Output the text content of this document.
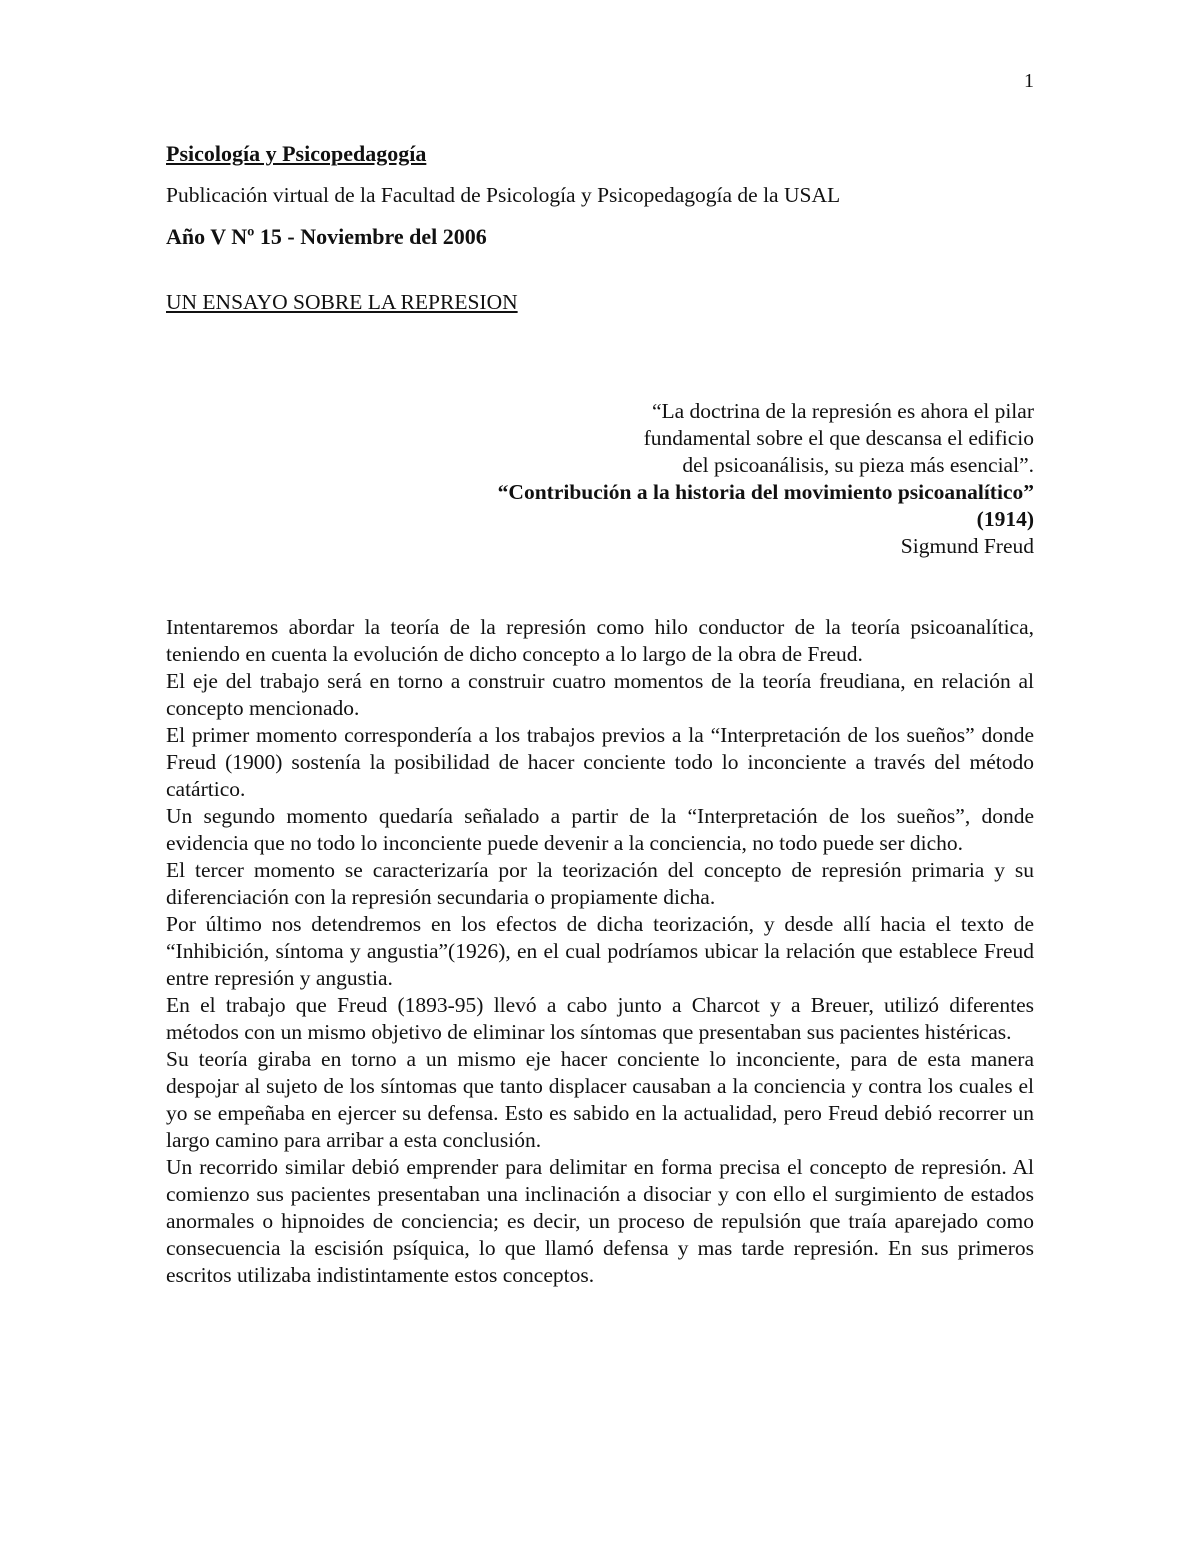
1
Psicología y Psicopedagogía
Publicación virtual de la Facultad de Psicología y Psicopedagogía de la USAL
Año V Nº 15 - Noviembre del 2006
UN ENSAYO SOBRE LA REPRESION
“La doctrina de la represión es ahora el pilar
fundamental sobre el que descansa el edificio
del psicoanálisis, su pieza más esencial”.
“Contribución a la historia del movimiento psicoanalítico”
(1914)
Sigmund Freud

Intentaremos abordar la teoría de la represión como hilo conductor de la teoría psicoanalítica, teniendo en cuenta la evolución de dicho concepto a lo largo de la obra de Freud.

El eje del trabajo será en torno a construir cuatro momentos de la teoría freudiana, en relación al concepto mencionado.

El primer momento correspondería a los trabajos previos a la “Interpretación de los sueños” donde Freud (1900) sostenía la posibilidad de hacer conciente todo lo inconciente a través del método catártico.

Un segundo momento quedaría señalado a partir de la “Interpretación de los sueños”, donde evidencia que no todo lo inconciente puede devenir a la conciencia, no todo puede ser dicho.

El tercer momento se caracterizaría por la teorización del concepto de represión primaria y su diferenciación con la represión secundaria o propiamente dicha.

Por último nos detendremos en los efectos de dicha teorización, y desde allí hacia el texto de “Inhibición, síntoma y angustia”(1926), en el cual podríamos ubicar la relación que establece Freud entre represión y angustia.

En el trabajo que Freud (1893-95) llevó a cabo junto a Charcot y a Breuer, utilizó diferentes métodos con un mismo objetivo de eliminar los síntomas que presentaban sus pacientes histéricas.

Su teoría giraba en torno a un mismo eje hacer conciente lo inconciente, para de esta manera despojar al sujeto de los síntomas que tanto displacer causaban a la conciencia y contra los cuales el yo se empeñaba en ejercer su defensa. Esto es sabido en la actualidad, pero Freud debió recorrer un largo camino para arribar a esta conclusión.

Un recorrido similar debió emprender para delimitar en forma precisa el concepto de represión. Al comienzo sus pacientes presentaban una inclinación a disociar y con ello el surgimiento de estados anormales o hipnoides de conciencia; es decir, un proceso de repulsión que traía aparejado como consecuencia la escisión psíquica, lo que llamó defensa y mas tarde represión. En sus primeros escritos utilizaba indistintamente estos conceptos.
